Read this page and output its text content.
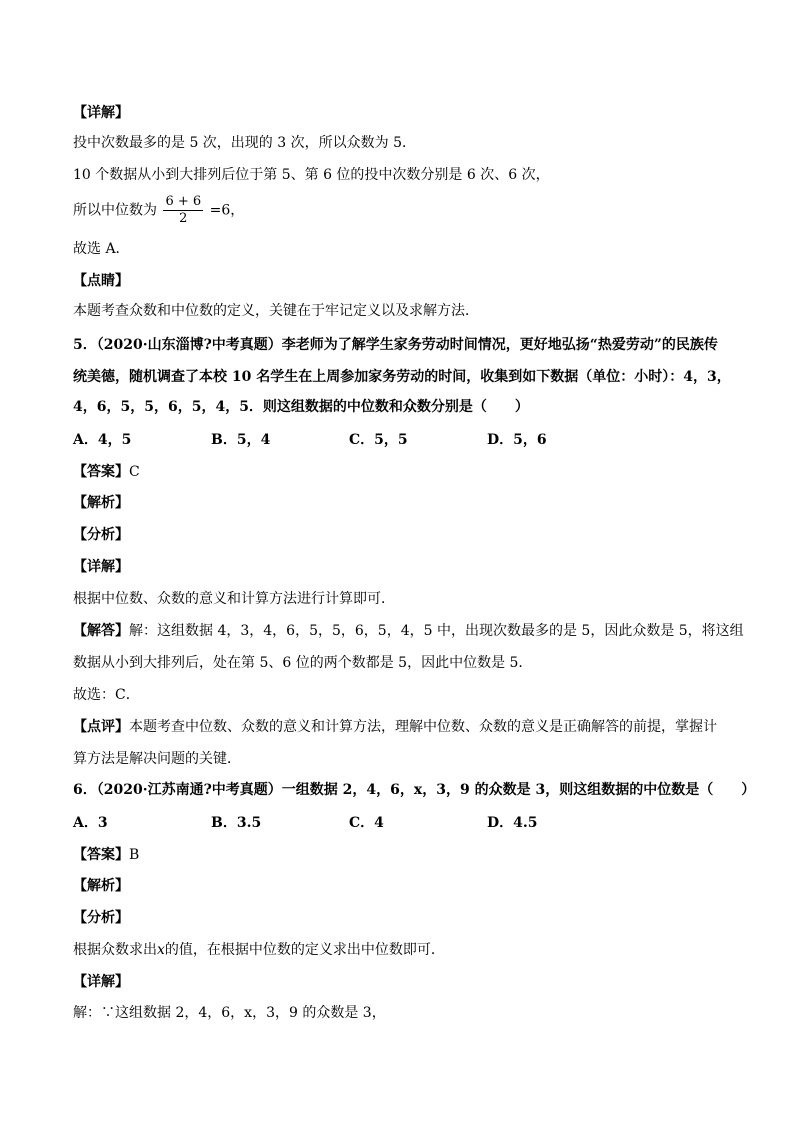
【详解】
投中次数最多的是 5 次，出现的 3 次，所以众数为 5．
10 个数据从小到大排列后位于第 5、第 6 位的投中次数分别是 6 次、6 次，
所以中位数为 $\frac{6 + 6}{2} =6$，
故选 A．
【点睛】
本题考查众数和中位数的定义，关键在于牢记定义以及求解方法．
5．（2020·山东淄博?中考真题）李老师为了解学生家务劳动时间情况，更好地弘扬“热爱劳动”的民族传
统美德，随机调查了本校 10 名学生在上周参加家务劳动的时间，收集到如下数据（单位：小时）：4，3，
4，6，5，5，6，5，4，5．则这组数据的中位数和众数分别是（　　）
A．4，5	B．5，4	C．5，5	D．5，6
【答案】C
【解析】
【分析】
【详解】
根据中位数、众数的意义和计算方法进行计算即可．
【解答】解：这组数据 4，3，4，6，5，5，6，5，4，5 中，出现次数最多的是 5，因此众数是 5，将这组
数据从小到大排列后，处在第 5、6 位的两个数都是 5，因此中位数是 5．
故选：C．
【点评】本题考查中位数、众数的意义和计算方法，理解中位数、众数的意义是正确解答的前提，掌握计
算方法是解决问题的关键．
6．（2020·江苏南通?中考真题）一组数据 2，4，6，x，3，9 的众数是 3，则这组数据的中位数是（　　）
A．3	B．3.5	C．4	D．4.5
【答案】B
【解析】
【分析】
根据众数求出x的值，在根据中位数的定义求出中位数即可．
【详解】
解：∵这组数据 2，4，6，x，3，9 的众数是 3，
